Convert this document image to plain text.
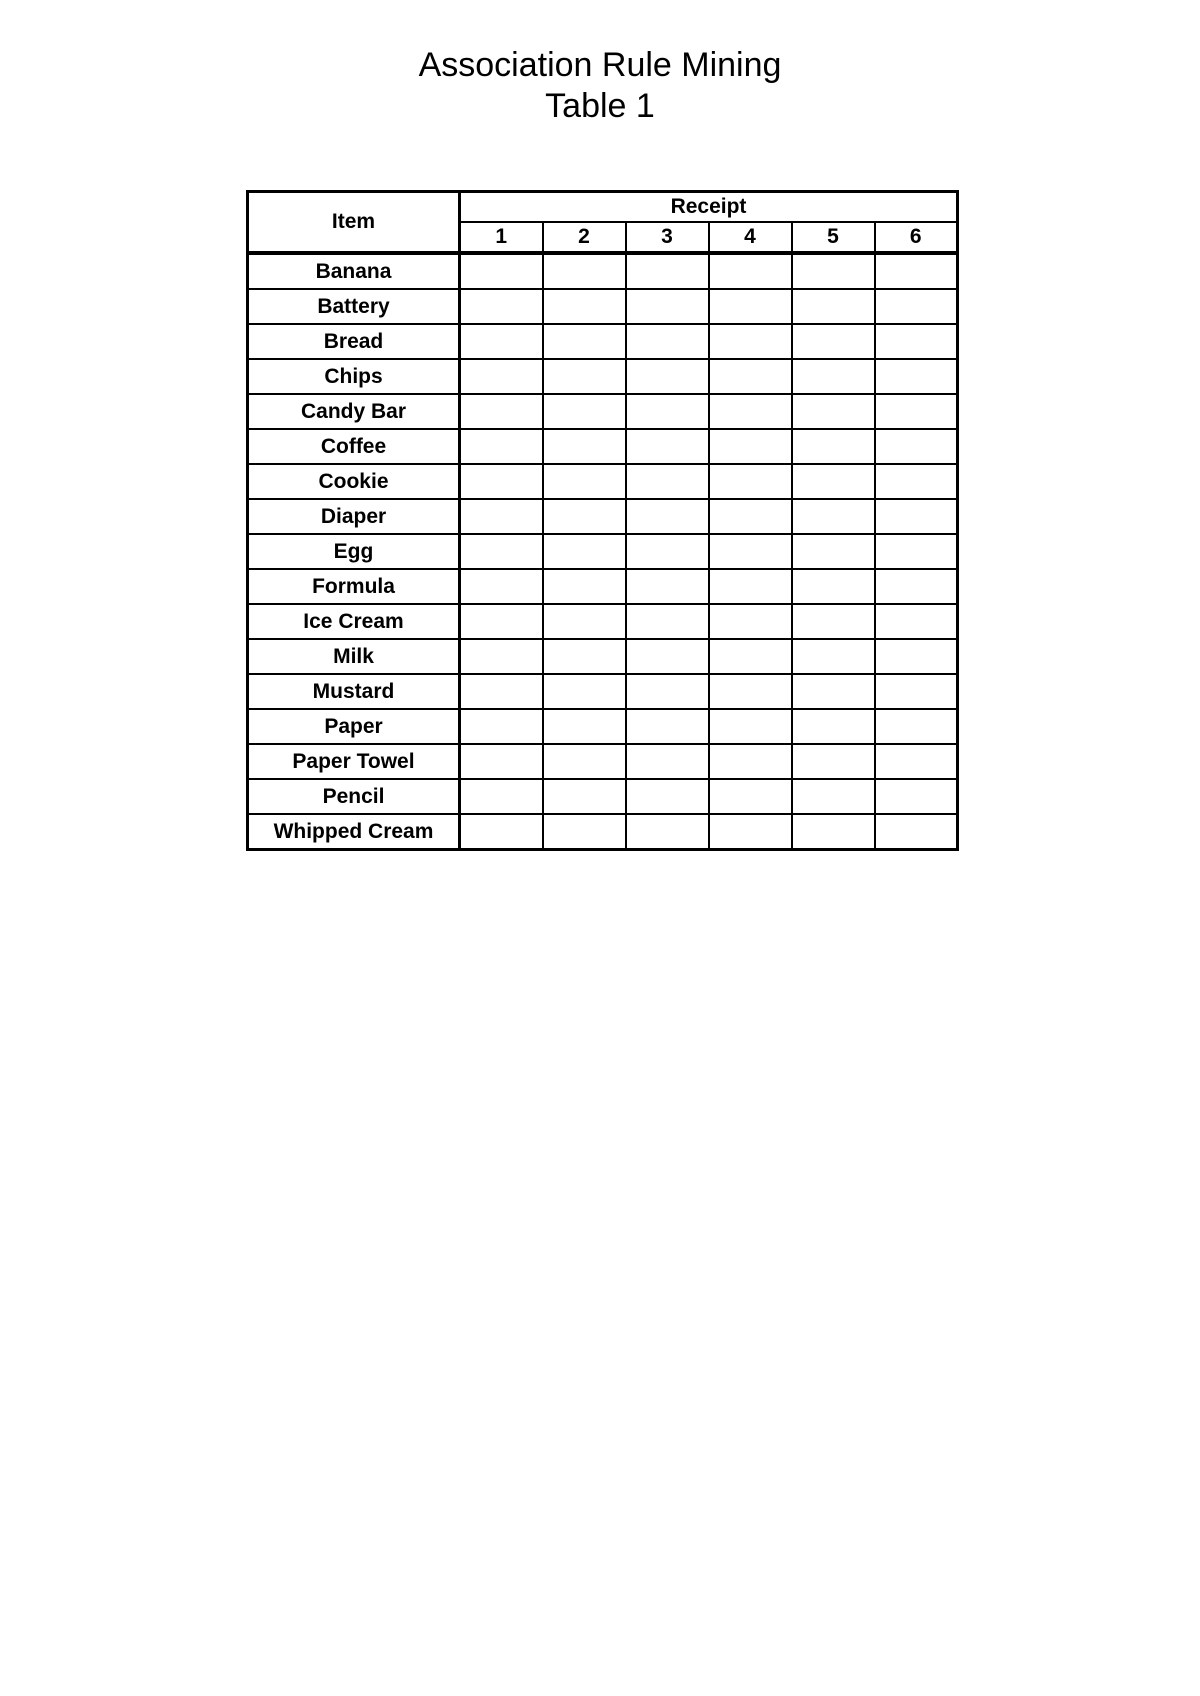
Association Rule Mining
Table 1
Item	Receipt					
	1	2	3	4	5	6
Banana						
Battery						
Bread						
Chips						
Candy Bar						
Coffee						
Cookie						
Diaper						
Egg						
Formula						
Ice Cream						
Milk						
Mustard						
Paper						
Paper Towel						
Pencil						
Whipped Cream						
